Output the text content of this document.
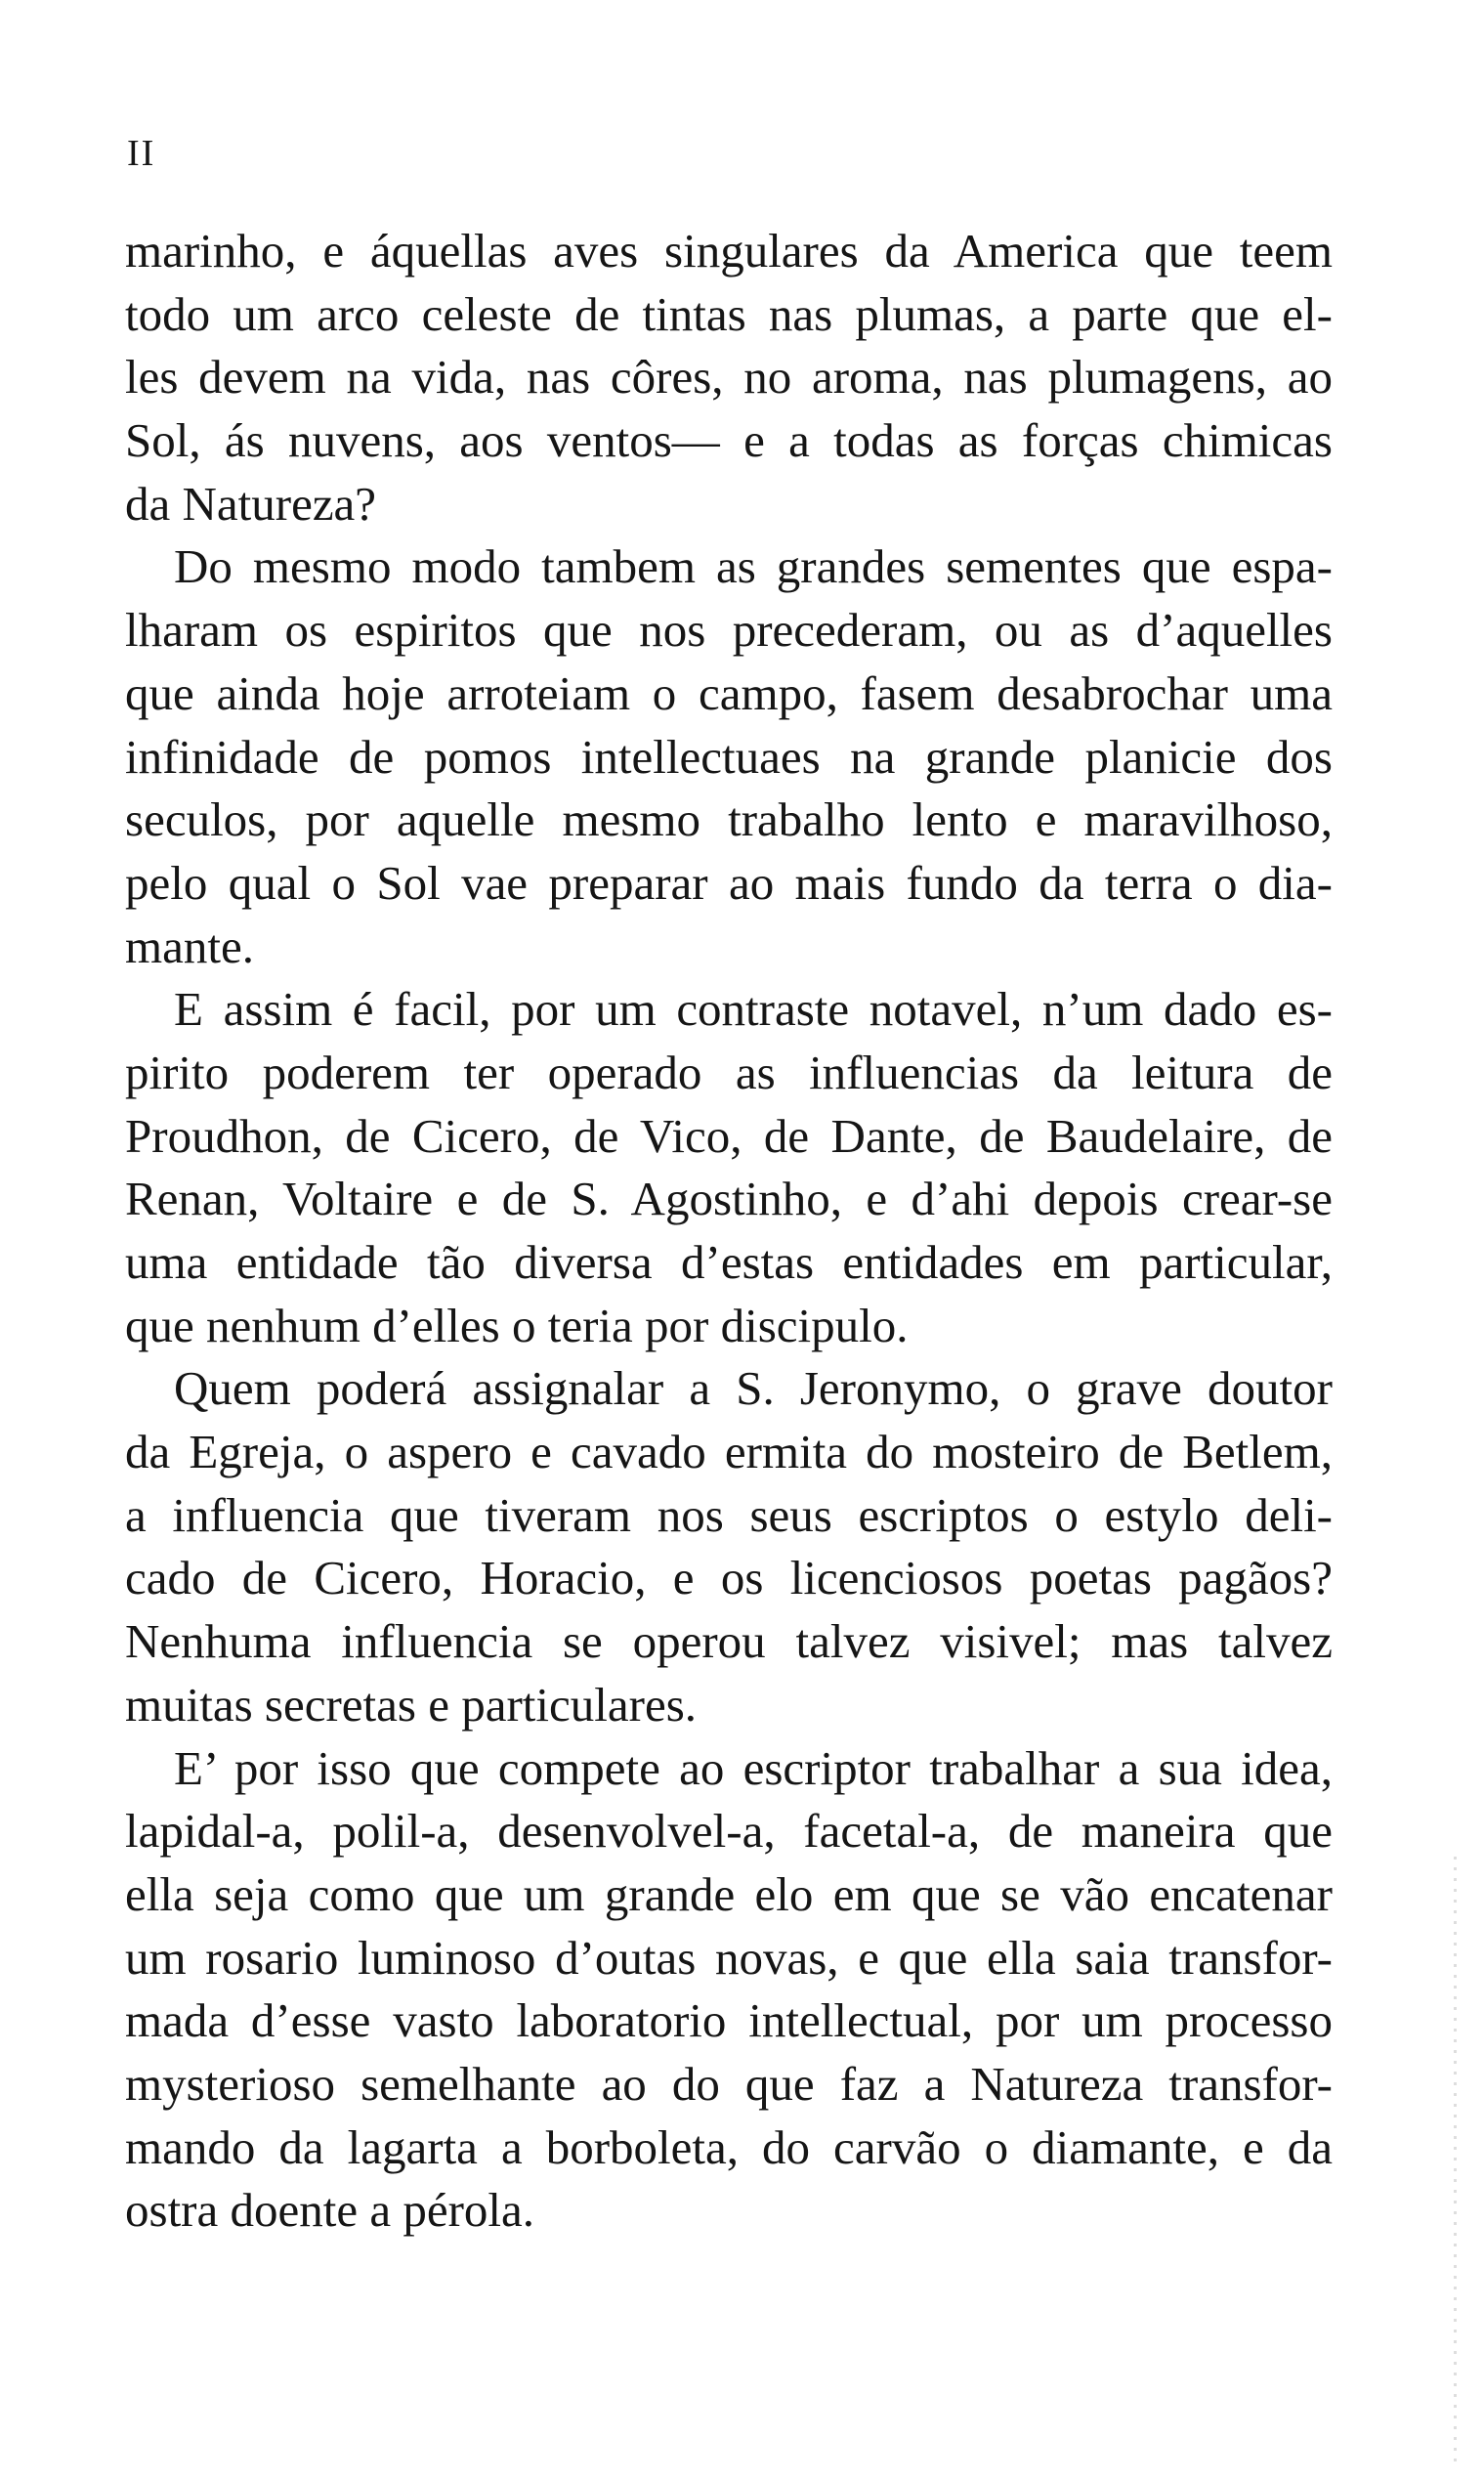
II
marinho, e áquellas aves singulares da America que teem
todo um arco celeste de tintas nas plumas, a parte que el-
les devem na vida, nas côres, no aroma, nas plumagens, ao
Sol, ás nuvens, aos ventos— e a todas as forças chimicas
da Natureza?
Do mesmo modo tambem as grandes sementes que espa-
lharam os espiritos que nos precederam, ou as d’aquelles
que ainda hoje arroteiam o campo, fasem desabrochar uma
infinidade de pomos intellectuaes na grande planicie dos
seculos, por aquelle mesmo trabalho lento e maravilhoso,
pelo qual o Sol vae preparar ao mais fundo da terra o dia-
mante.
E assim é facil, por um contraste notavel, n’um dado es-
pirito poderem ter operado as influencias da leitura de
Proudhon, de Cicero, de Vico, de Dante, de Baudelaire, de
Renan, Voltaire e de S. Agostinho, e d’ahi depois crear-se
uma entidade tão diversa d’estas entidades em particular,
que nenhum d’elles o teria por discipulo.
Quem poderá assignalar a S. Jeronymo, o grave doutor
da Egreja, o aspero e cavado ermita do mosteiro de Betlem,
a influencia que tiveram nos seus escriptos o estylo deli-
cado de Cicero, Horacio, e os licenciosos poetas pagãos?
Nenhuma influencia se operou talvez visivel; mas talvez
muitas secretas e particulares.
E’ por isso que compete ao escriptor trabalhar a sua idea,
lapidal-a, polil-a, desenvolvel-a, facetal-a, de maneira que
ella seja como que um grande elo em que se vão encatenar
um rosario luminoso d’outas novas, e que ella saia transfor-
mada d’esse vasto laboratorio intellectual, por um processo
mysterioso semelhante ao do que faz a Natureza transfor-
mando da lagarta a borboleta, do carvão o diamante, e da
ostra doente a pérola.
